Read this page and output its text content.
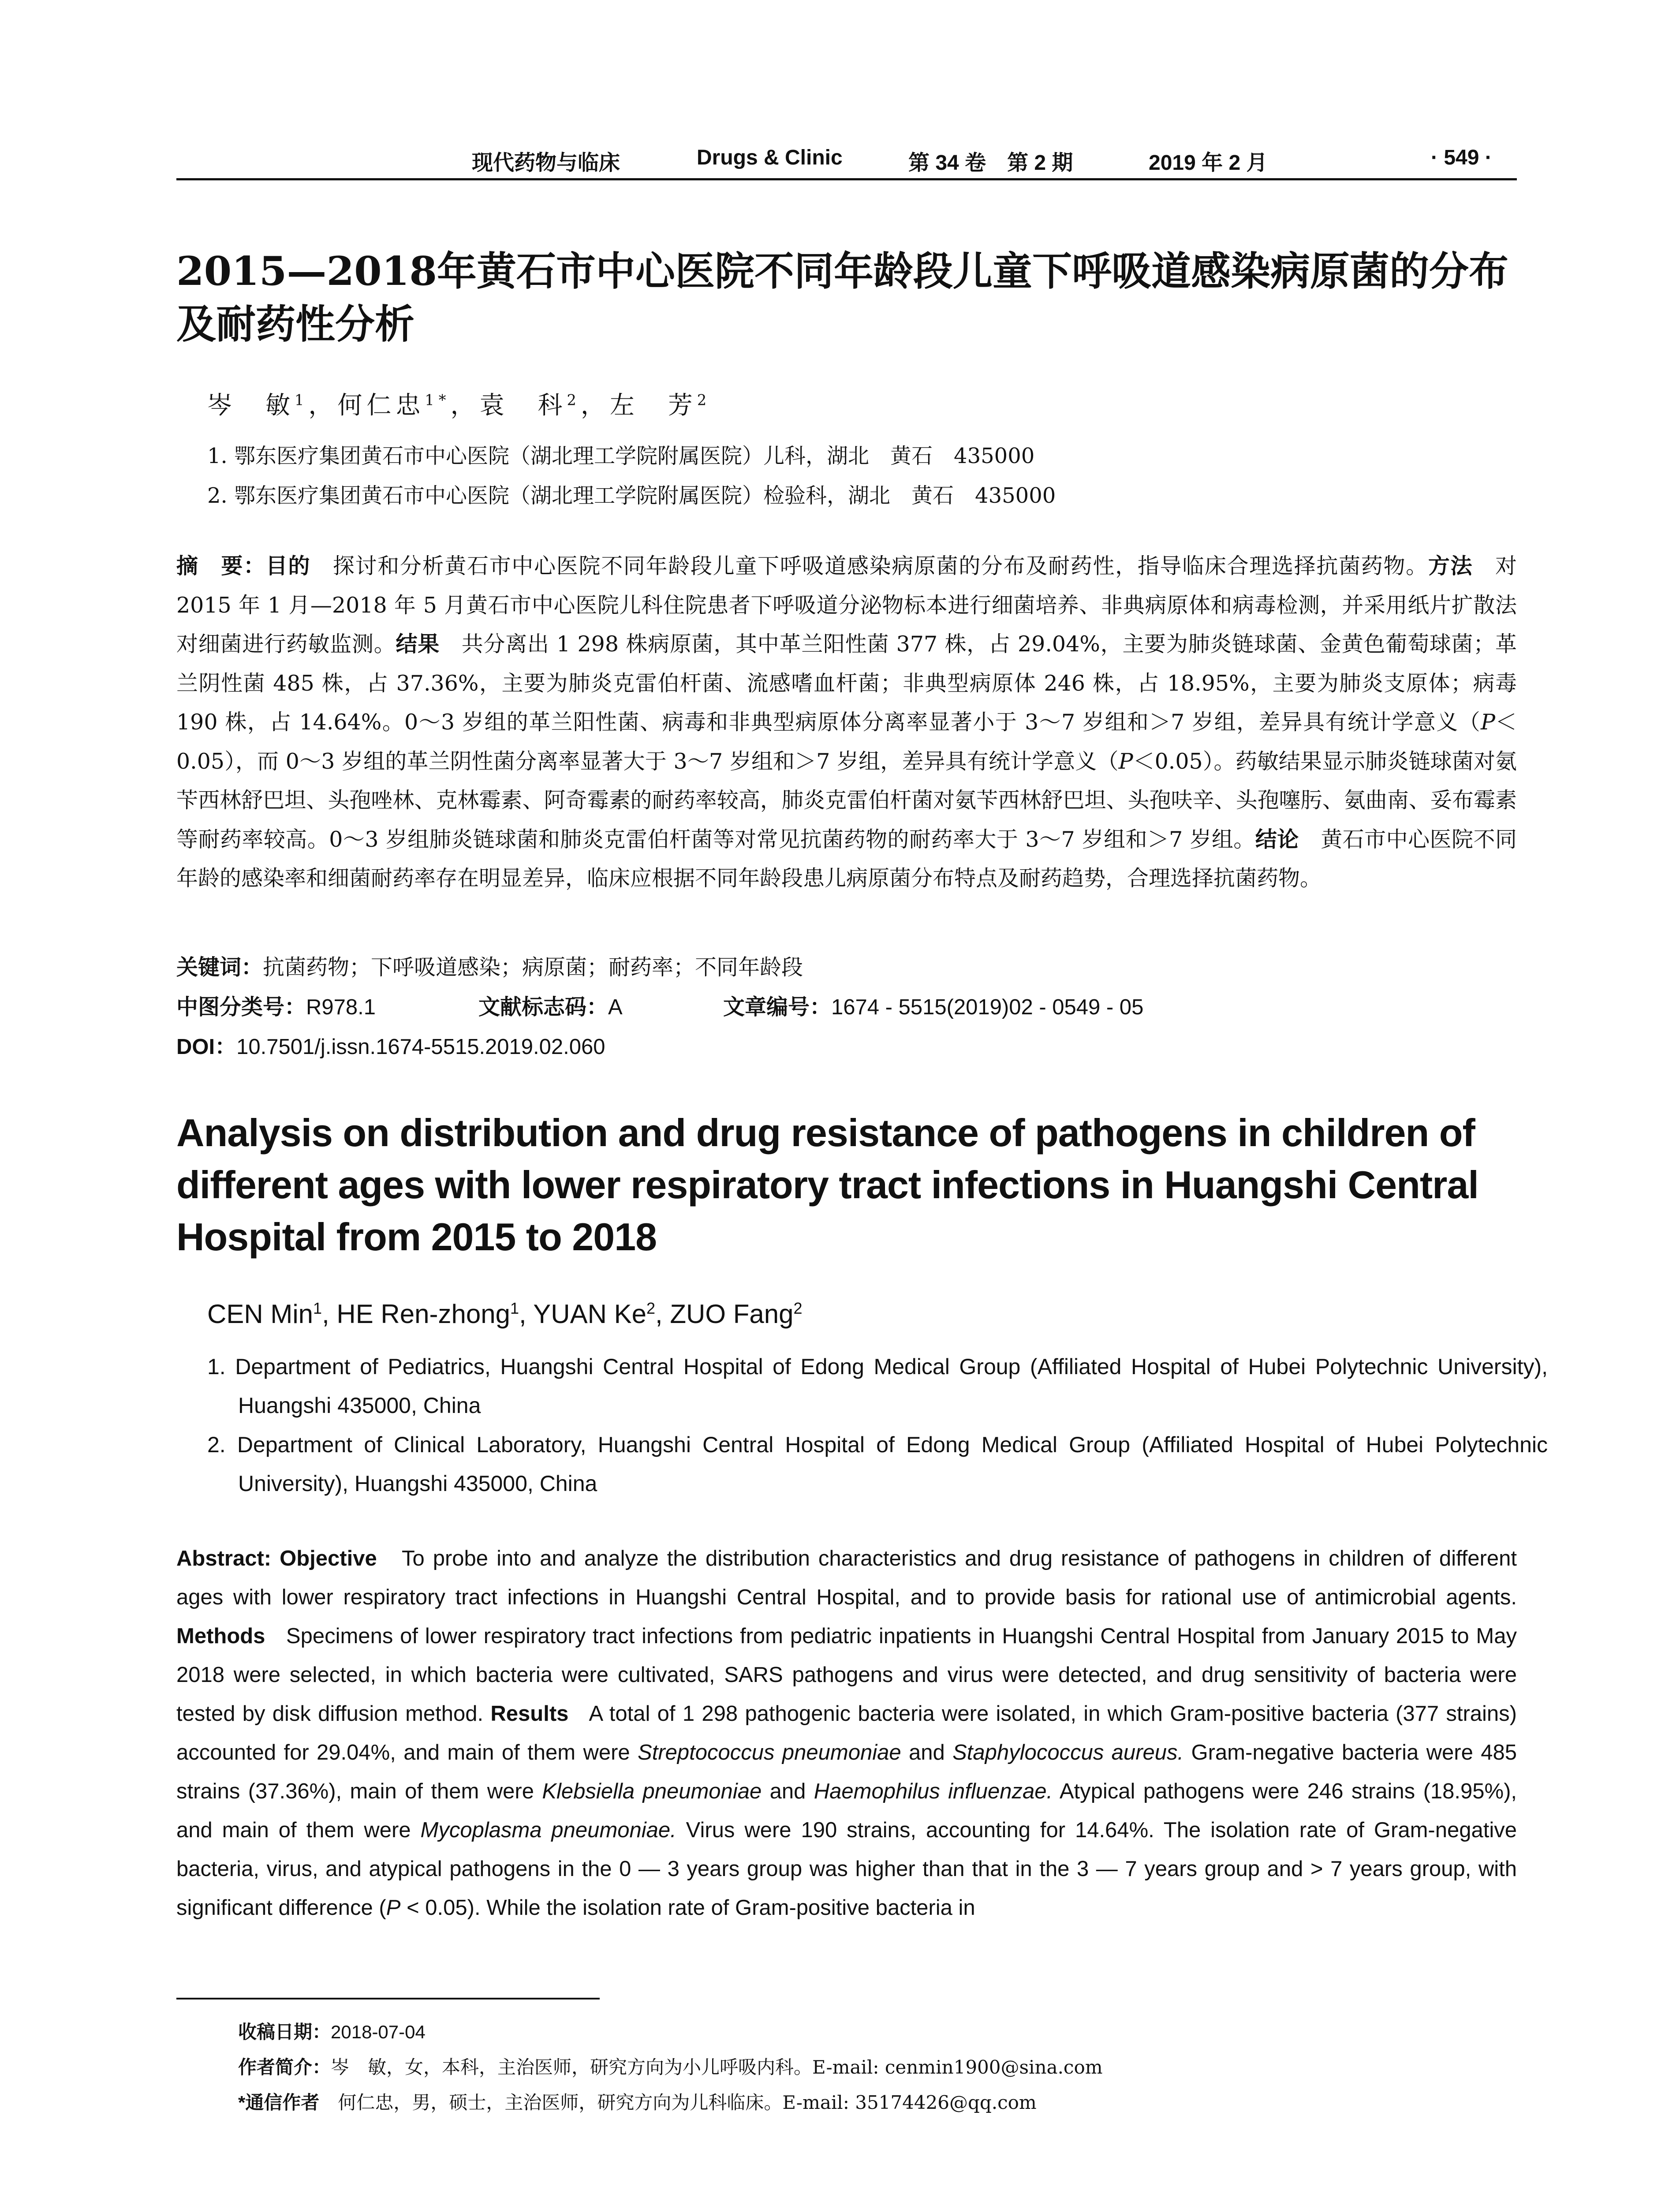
现代药物与临床	Drugs & Clinic	第 34 卷　第 2 期	2019 年 2 月	· 549 ·
2015—2018年黄石市中心医院不同年龄段儿童下呼吸道感染病原菌的分布及耐药性分析
岑　敏$^1$，何仁忠$^{1*}$，袁　科$^2$，左　芳$^2$
1. 鄂东医疗集团黄石市中心医院（湖北理工学院附属医院）儿科，湖北　黄石　435000
2. 鄂东医疗集团黄石市中心医院（湖北理工学院附属医院）检验科，湖北　黄石　435000

摘　要：目的　 探讨和分析黄石市中心医院不同年龄段儿童下呼吸道感染病原菌的分布及耐药性，指导临床合理选择抗菌药物。方法　 对 2015 年 1 月—2018 年 5 月黄石市中心医院儿科住院患者下呼吸道分泌物标本进行细菌培养、非典病原体和病毒检测，并采用纸片扩散法对细菌进行药敏监测。结果　 共分离出 1 298 株病原菌，其中革兰阳性菌 377 株，占 29.04%，主要为肺炎链球菌、金黄色葡萄球菌；革兰阴性菌 485 株，占 37.36%，主要为肺炎克雷伯杆菌、流感嗜血杆菌；非典型病原体 246 株，占 18.95%，主要为肺炎支原体；病毒 190 株，占 14.64%。0～3 岁组的革兰阳性菌、病毒和非典型病原体分离率显著小于 3～7 岁组和＞7 岁组，差异具有统计学意义（P＜0.05），而 0～3 岁组的革兰阴性菌分离率显著大于 3～7 岁组和＞7 岁组，差异具有统计学意义（P＜0.05）。药敏结果显示肺炎链球菌对氨苄西林舒巴坦、头孢唑林、克林霉素、阿奇霉素的耐药率较高，肺炎克雷伯杆菌对氨苄西林舒巴坦、头孢呋辛、头孢噻肟、氨曲南、妥布霉素等耐药率较高。0～3 岁组肺炎链球菌和肺炎克雷伯杆菌等对常见抗菌药物的耐药率大于 3～7 岁组和＞7 岁组。结论　 黄石市中心医院不同年龄的感染率和细菌耐药率存在明显差异，临床应根据不同年龄段患儿病原菌分布特点及耐药趋势，合理选择抗菌药物。

关键词：抗菌药物；下呼吸道感染；病原菌；耐药率；不同年龄段
中图分类号：R978.1	文献标志码：A	文章编号：1674 - 5515(2019)02 - 0549 - 05
DOI：10.7501/j.issn.1674-5515.2019.02.060
Analysis on distribution and drug resistance of pathogens in children of different ages with lower respiratory tract infections in Huangshi Central Hospital from 2015 to 2018
CEN Min$^1$, HE Ren-zhong$^1$, YUAN Ke$^2$, ZUO Fang$^2$

1. Department of Pediatrics, Huangshi Central Hospital of Edong Medical Group (Affiliated Hospital of Hubei Polytechnic University), Huangshi 435000, China

2. Department of Clinical Laboratory, Huangshi Central Hospital of Edong Medical Group (Affiliated Hospital of Hubei Polytechnic University), Huangshi 435000, China

Abstract: Objective To probe into and analyze the distribution characteristics and drug resistance of pathogens in children of different ages with lower respiratory tract infections in Huangshi Central Hospital, and to provide basis for rational use of antimicrobial agents. Methods Specimens of lower respiratory tract infections from pediatric inpatients in Huangshi Central Hospital from January 2015 to May 2018 were selected, in which bacteria were cultivated, SARS pathogens and virus were detected, and drug sensitivity of bacteria were tested by disk diffusion method. Results A total of 1 298 pathogenic bacteria were isolated, in which Gram-positive bacteria (377 strains) accounted for 29.04%, and main of them were Streptococcus pneumoniae and Staphylococcus aureus. Gram-negative bacteria were 485 strains (37.36%), main of them were Klebsiella pneumoniae and Haemophilus influenzae. Atypical pathogens were 246 strains (18.95%), and main of them were Mycoplasma pneumoniae. Virus were 190 strains, accounting for 14.64%. The isolation rate of Gram-negative bacteria, virus, and atypical pathogens in the 0 — 3 years group was higher than that in the 3 — 7 years group and > 7 years group, with significant difference (P < 0.05). While the isolation rate of Gram-positive bacteria in

收稿日期：2018-07-04
作者简介：岑　敏，女，本科，主治医师，研究方向为小儿呼吸内科。E-mail: cenmin1900@sina.com
*通信作者　何仁忠，男，硕士，主治医师，研究方向为儿科临床。E-mail: 35174426@qq.com
